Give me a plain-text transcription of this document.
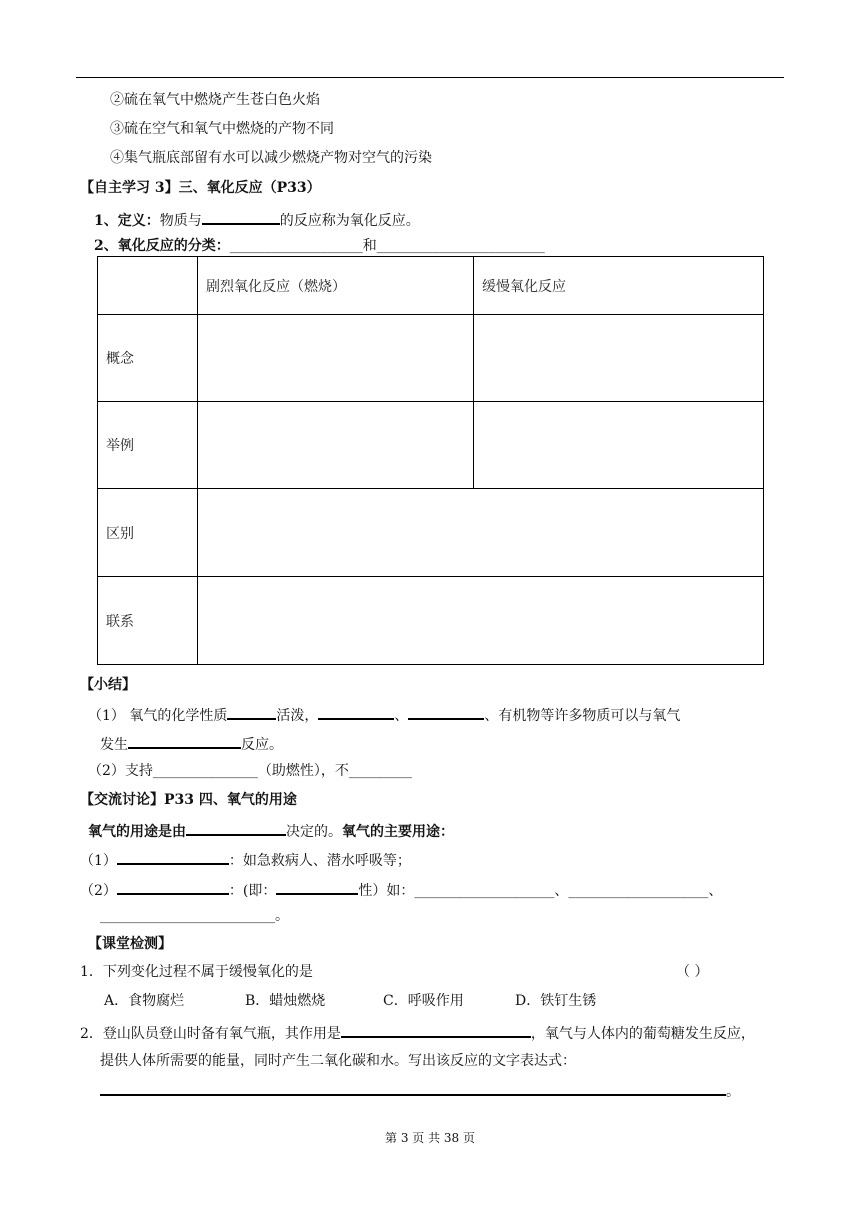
②硫在氧气中燃烧产生苍白色火焰
③硫在空气和氧气中燃烧的产物不同
④集气瓶底部留有水可以减少燃烧产物对空气的污染
【自主学习 3】三、氧化反应（P33）
1、定义：物质与	的反应称为氧化反应。
2、氧化反应的分类：___________________和________________________
	剧烈氧化反应（燃烧）	缓慢氧化反应
概念		
举例		
区别		
联系		
【小结】
（1） 氧气的化学性质	活泼，	、	、有机物等许多物质可以与氧气
发生	反应。
（2）支持_______________（助燃性），不_________
【交流讨论】P33 四、氧气的用途
氧气的用途是由	决定的。氧气的主要用途：
（1）	：如急救病人、潜水呼吸等；
（2）	：(即：	性）如：____________________、____________________、
_________________________。
【课堂检测】
1．下列变化过程不属于缓慢氧化的是	（ ）
A．食物腐烂	B．蜡烛燃烧	C．呼吸作用	D．铁钉生锈
2．登山队员登山时备有氧气瓶，其作用是	，氧气与人体内的葡萄糖发生反应，
提供人体所需要的能量，同时产生二氧化碳和水。写出该反应的文字表达式：
。
第 3 页 共 38 页
